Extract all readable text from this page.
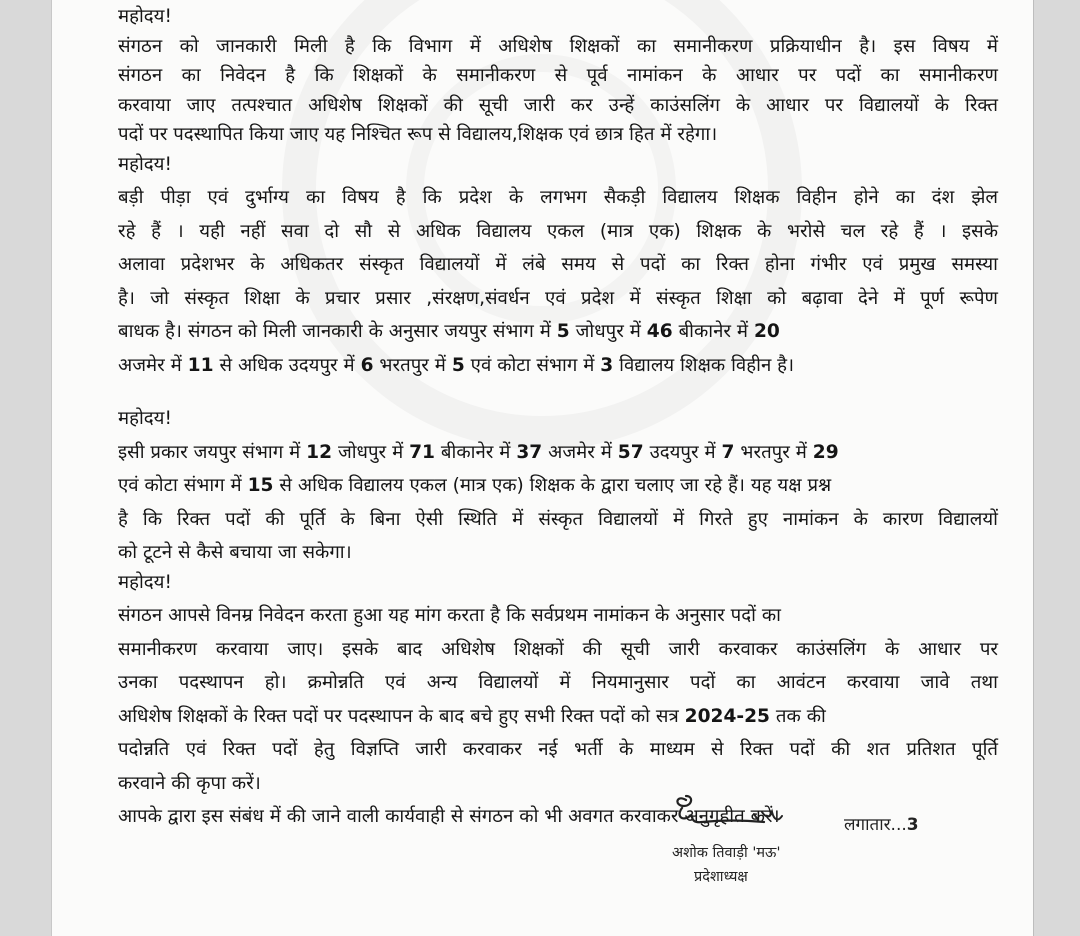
महोदय!
संगठन को जानकारी मिली है कि विभाग में अधिशेष शिक्षकों का समानीकरण प्रक्रियाधीन है। इस विषय में
संगठन का निवेदन है कि शिक्षकों के समानीकरण से पूर्व नामांकन के आधार पर पदों का समानीकरण
करवाया जाए तत्पश्चात अधिशेष शिक्षकों की सूची जारी कर उन्हें काउंसलिंग के आधार पर विद्यालयों के रिक्त
पदों पर पदस्थापित किया जाए यह निश्चित रूप से विद्यालय,शिक्षक एवं छात्र हित में रहेगा।
महोदय!
बड़ी पीड़ा एवं दुर्भाग्य का विषय है कि प्रदेश के लगभग सैकड़ी विद्यालय शिक्षक विहीन होने का दंश झेल
रहे हैं । यही नहीं सवा दो सौ से अधिक विद्यालय एकल (मात्र एक) शिक्षक के भरोसे चल रहे हैं । इसके
अलावा प्रदेशभर के अधिकतर संस्कृत विद्यालयों में लंबे समय से पदों का रिक्त होना गंभीर एवं प्रमुख समस्या
है। जो संस्कृत शिक्षा के प्रचार प्रसार ,संरक्षण,संवर्धन एवं प्रदेश में संस्कृत शिक्षा को बढ़ावा देने में पूर्ण रूपेण
बाधक है। संगठन को मिली जानकारी के अनुसार जयपुर संभाग में 5 जोधपुर में 46 बीकानेर में 20
अजमेर में 11 से अधिक उदयपुर में 6 भरतपुर में 5 एवं कोटा संभाग में 3 विद्यालय शिक्षक विहीन है।
महोदय!
इसी प्रकार जयपुर संभाग में 12 जोधपुर में 71 बीकानेर में 37 अजमेर में 57 उदयपुर में 7 भरतपुर में 29
एवं कोटा संभाग में 15 से अधिक विद्यालय एकल (मात्र एक) शिक्षक के द्वारा चलाए जा रहे हैं। यह यक्ष प्रश्न
है कि रिक्त पदों की पूर्ति के बिना ऐसी स्थिति में संस्कृत विद्यालयों में गिरते हुए नामांकन के कारण विद्यालयों
को टूटने से कैसे बचाया जा सकेगा।
महोदय!
संगठन आपसे विनम्र निवेदन करता हुआ यह मांग करता है कि सर्वप्रथम नामांकन के अनुसार पदों का
समानीकरण करवाया जाए। इसके बाद अधिशेष शिक्षकों की सूची जारी करवाकर काउंसलिंग के आधार पर
उनका पदस्थापन हो। क्रमोन्नति एवं अन्य विद्यालयों में नियमानुसार पदों का आवंटन करवाया जावे तथा
अधिशेष शिक्षकों के रिक्त पदों पर पदस्थापन के बाद बचे हुए सभी रिक्त पदों को सत्र 2024-25 तक की
पदोन्नति एवं रिक्त पदों हेतु विज्ञप्ति जारी करवाकर नई भर्ती के माध्यम से रिक्त पदों की शत प्रतिशत पूर्ति
करवाने की कृपा करें।
आपके द्वारा इस संबंध में की जाने वाली कार्यवाही से संगठन को भी अवगत करवाकर अनुगृहीत करें।
अशोक तिवाड़ी 'मऊ'
प्रदेशाध्यक्ष
लगातार...3
